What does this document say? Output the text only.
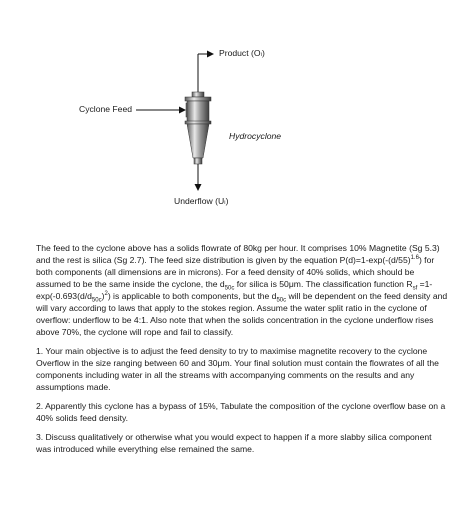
Product (Oₗ)
Cyclone Feed
Hydrocyclone
Underflow (Uₗ)

The feed to the cyclone above has a solids flowrate of 80kg per hour. It comprises 10% Magnetite (Sg 5.3) and the rest is silica (Sg 2.7). The feed size distribution is given by the equation $P(d)=1-\exp(-(d/55)^{1.6})$ for both components (all dimensions are in microns). For a feed density of 40% solids, which should be assumed to be the same inside the cyclone, the $d_{50c}$ for silica is 50μm. The classification function $R_{sf} =1-\exp(-0.693(d/d_{50c})^2)$ is applicable to both components, but the $d_{50c}$ will be dependent on the feed density and will vary according to laws that apply to the stokes region. Assume the water split ratio in the cyclone of overflow: underflow to be 4:1. Also note that when the solids concentration in the cyclone underflow rises above 70%, the cyclone will rope and fail to classify.

1. Your main objective is to adjust the feed density to try to maximise magnetite recovery to the cyclone Overflow in the size ranging between 60 and 30μm. Your final solution must contain the flowrates of all the components including water in all the streams with accompanying comments on the results and any assumptions made.

2. Apparently this cyclone has a bypass of 15%, Tabulate the composition of the cyclone overflow base on a 40% solids feed density.

3. Discuss qualitatively or otherwise what you would expect to happen if a more slabby silica component was introduced while everything else remained the same.
